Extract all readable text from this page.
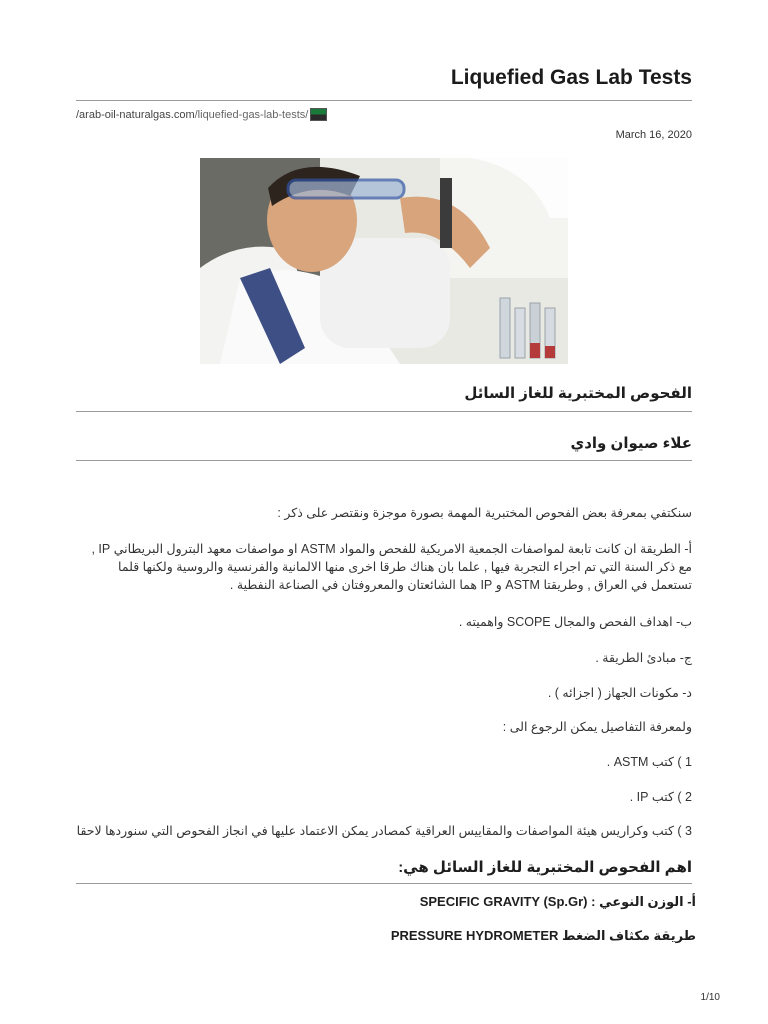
Liquefied Gas Lab Tests
/arab-oil-naturalgas.com /liquefied-gas-lab-tests/
March 16, 2020
الفحوص المختبرية للغاز السائل
علاء صيوان وادي
سنكتفي بمعرفة بعض الفحوص المختبرية المهمة بصورة موجزة ونقتصر على ذكر :
أ- الطريقة ان كانت تابعة لمواصفات الجمعية الامريكية للفحص والمواد ASTM او مواصفات معهد البترول البريطاني IP , مع ذكر السنة التي تم اجراء التجربة فيها , علما بان هناك طرقا اخرى منها الالمانية والفرنسية والروسية ولكنها قلما تستعمل في العراق , وطريقتا ASTM و IP هما الشائعتان والمعروفتان في الصناعة النفطية .
ب- اهداف الفحص والمجال SCOPE واهميته .
ج- مبادئ الطريقة .
د- مكونات الجهاز ( اجزائه ) .
ولمعرفة التفاصيل يمكن الرجوع الى :
1 ) كتب ASTM .
2 ) كتب IP .
3 ) كتب وكراريس هيئة المواصفات والمقاييس العراقية كمصادر يمكن الاعتماد عليها في انجاز الفحوص التي سنوردها لاحقا
اهم الفحوص المختبرية للغاز السائل هي:
أ- الوزن النوعي : SPECIFIC GRAVITY (Sp.Gr)
طريقة مكثاف الضغط PRESSURE HYDROMETER
1/10
